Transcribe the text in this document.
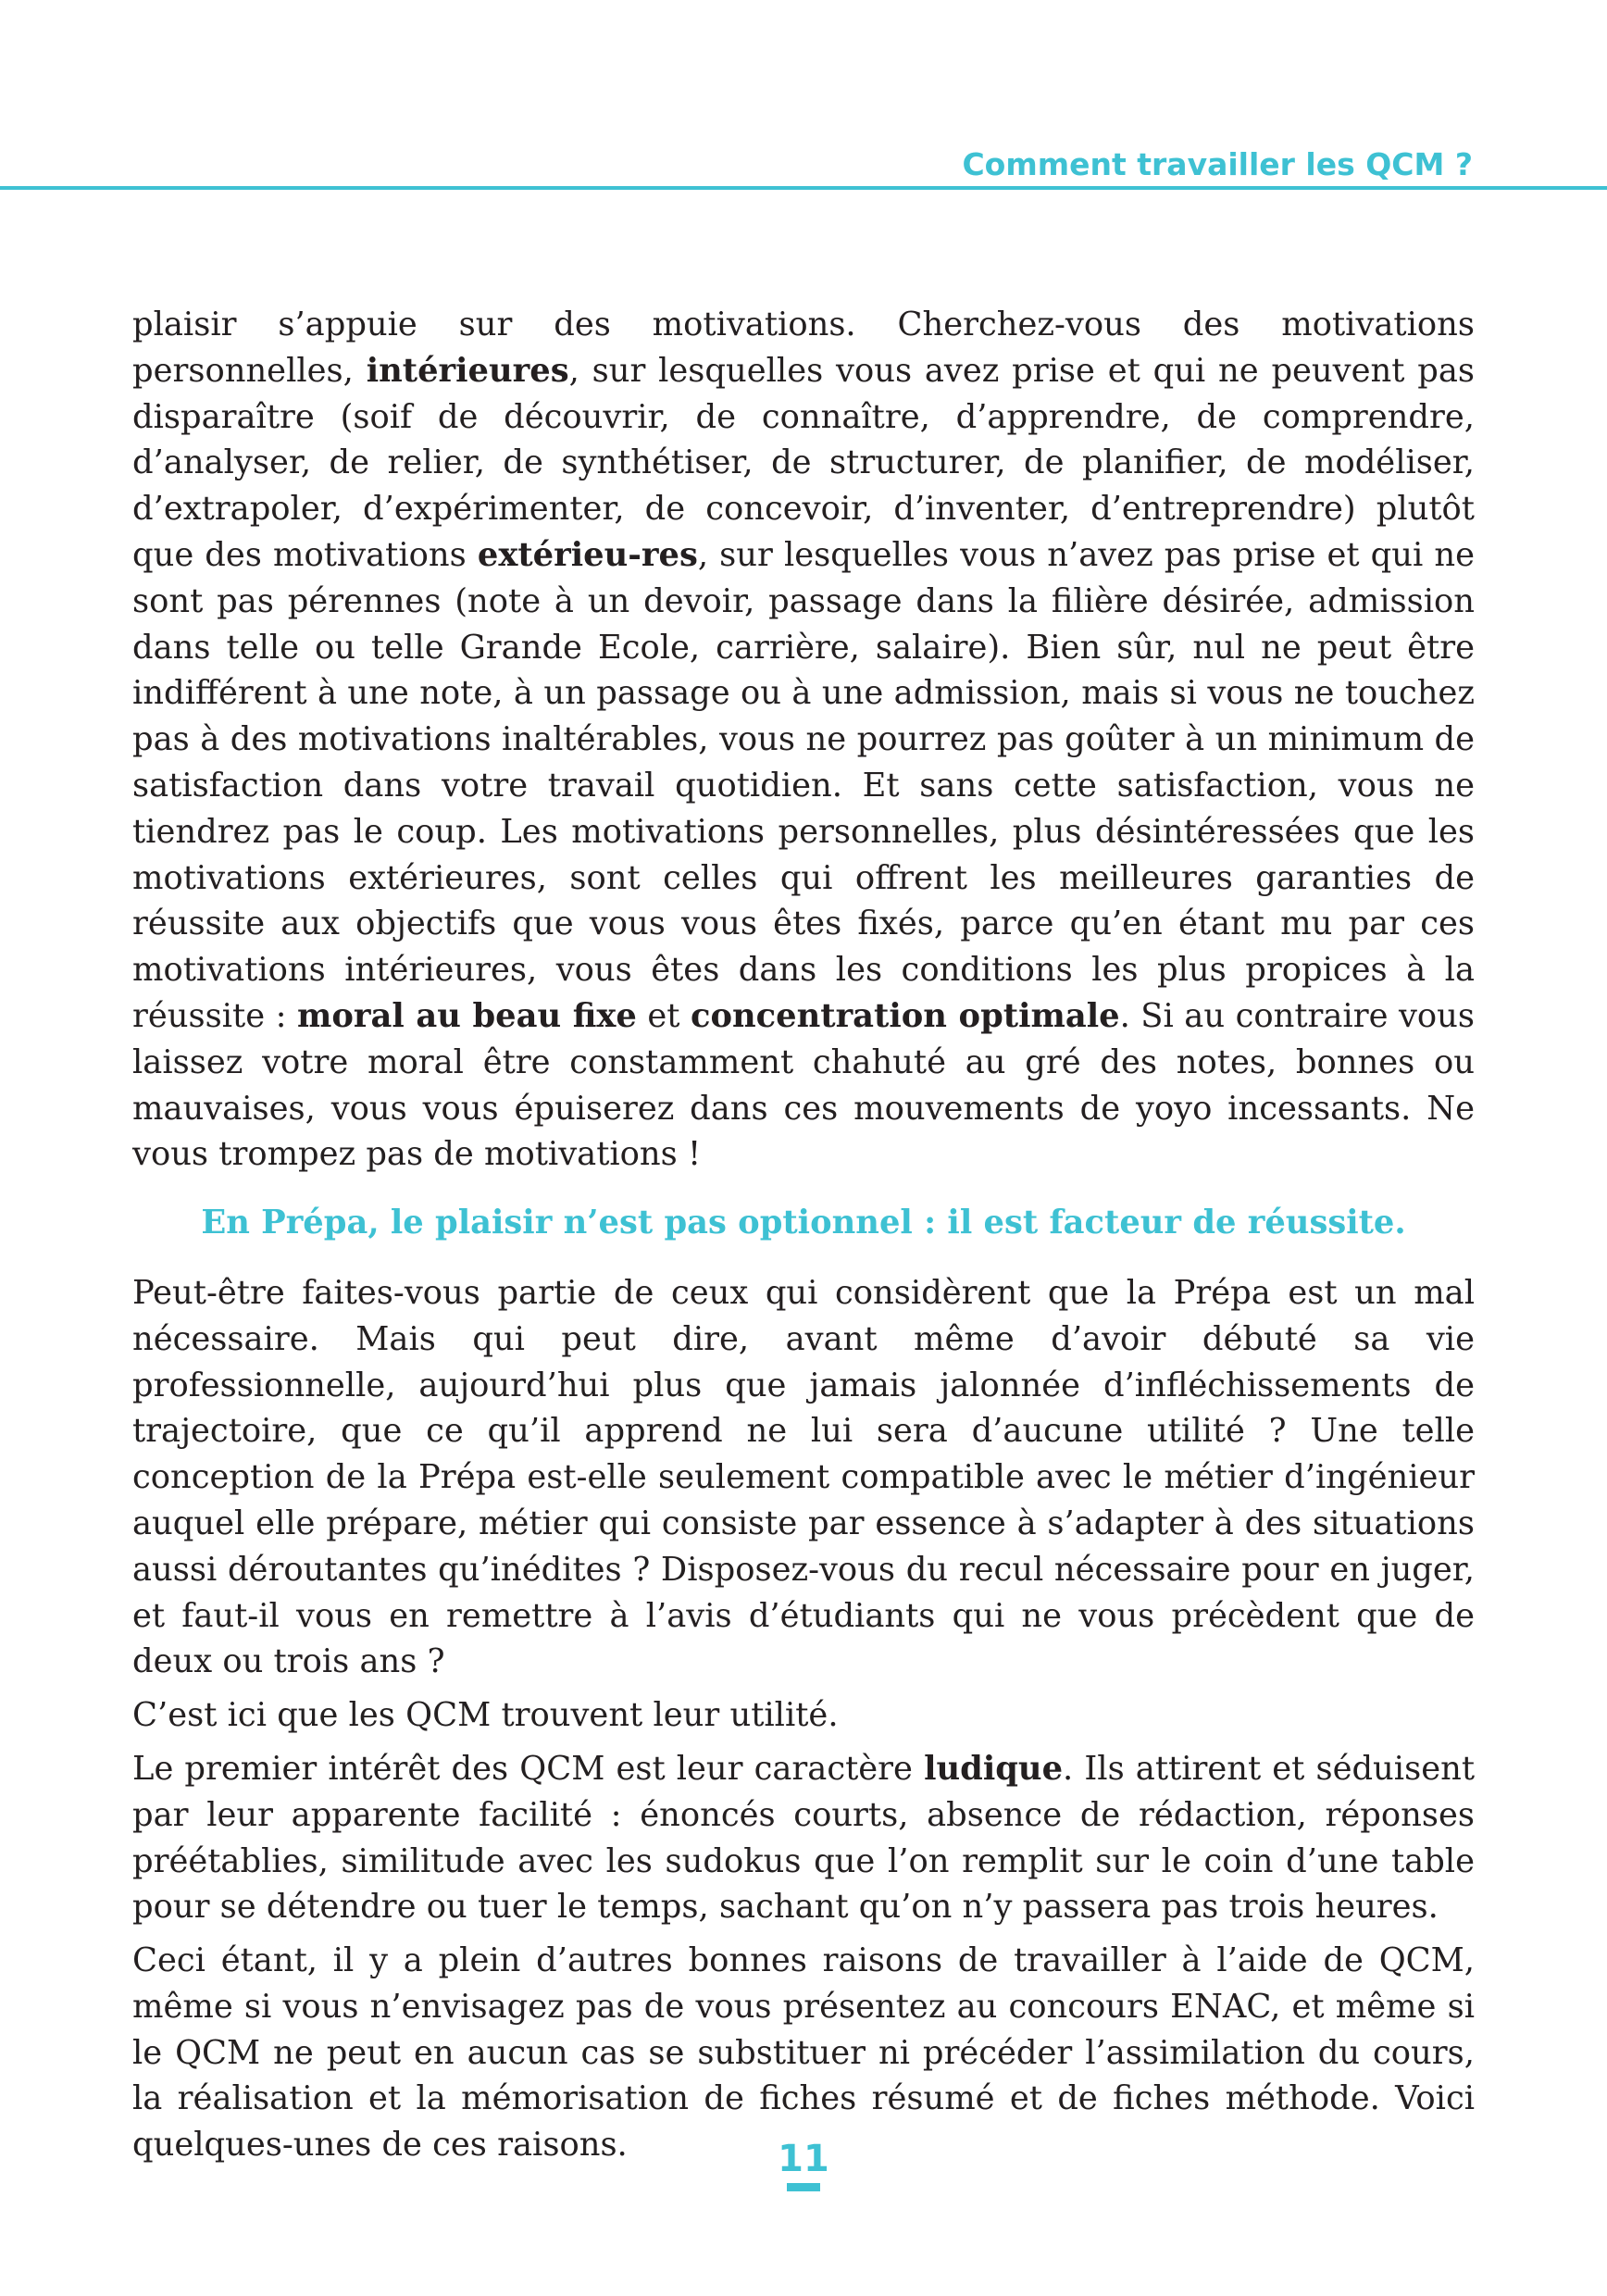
Comment travailler les QCM ?

plaisir s’appuie sur des motivations. Cherchez-vous des motivations personnelles, intérieures, sur lesquelles vous avez prise et qui ne peuvent pas disparaître (soif de découvrir, de connaître, d’apprendre, de comprendre, d’analyser, de relier, de synthétiser, de structurer, de planifier, de modéliser, d’extrapoler, d’expérimenter, de concevoir, d’inventer, d’entreprendre) plutôt que des motivations extérieu-res, sur lesquelles vous n’avez pas prise et qui ne sont pas pérennes (note à un devoir, passage dans la filière désirée, admission dans telle ou telle Grande Ecole, carrière, salaire). Bien sûr, nul ne peut être indifférent à une note, à un passage ou à une admission, mais si vous ne touchez pas à des motivations inaltérables, vous ne pourrez pas goûter à un minimum de satisfaction dans votre travail quotidien. Et sans cette satisfaction, vous ne tiendrez pas le coup. Les motivations personnelles, plus désintéressées que les motivations extérieures, sont celles qui offrent les meilleures garanties de réussite aux objectifs que vous vous êtes fixés, parce qu’en étant mu par ces motivations intérieures, vous êtes dans les conditions les plus propices à la réussite : moral au beau fixe et concentration optimale. Si au contraire vous laissez votre moral être constamment chahuté au gré des notes, bonnes ou mauvaises, vous vous épuiserez dans ces mouvements de yoyo incessants. Ne vous trompez pas de motivations !

En Prépa, le plaisir n’est pas optionnel : il est facteur de réussite.

Peut-être faites-vous partie de ceux qui considèrent que la Prépa est un mal nécessaire. Mais qui peut dire, avant même d’avoir débuté sa vie professionnelle, aujourd’hui plus que jamais jalonnée d’infléchissements de trajectoire, que ce qu’il apprend ne lui sera d’aucune utilité ? Une telle conception de la Prépa est-elle seulement compatible avec le métier d’ingénieur auquel elle prépare, métier qui consiste par essence à s’adapter à des situations aussi déroutantes qu’inédites ? Disposez-vous du recul nécessaire pour en juger, et faut-il vous en remettre à l’avis d’étudiants qui ne vous précèdent que de deux ou trois ans ?

C’est ici que les QCM trouvent leur utilité.

Le premier intérêt des QCM est leur caractère ludique. Ils attirent et séduisent par leur apparente facilité : énoncés courts, absence de rédaction, réponses préétablies, similitude avec les sudokus que l’on remplit sur le coin d’une table pour se détendre ou tuer le temps, sachant qu’on n’y passera pas trois heures.

Ceci étant, il y a plein d’autres bonnes raisons de travailler à l’aide de QCM, même si vous n’envisagez pas de vous présentez au concours ENAC, et même si le QCM ne peut en aucun cas se substituer ni précéder l’assimilation du cours, la réalisation et la mémorisation de fiches résumé et de fiches méthode. Voici quelques-unes de ces raisons.	11
